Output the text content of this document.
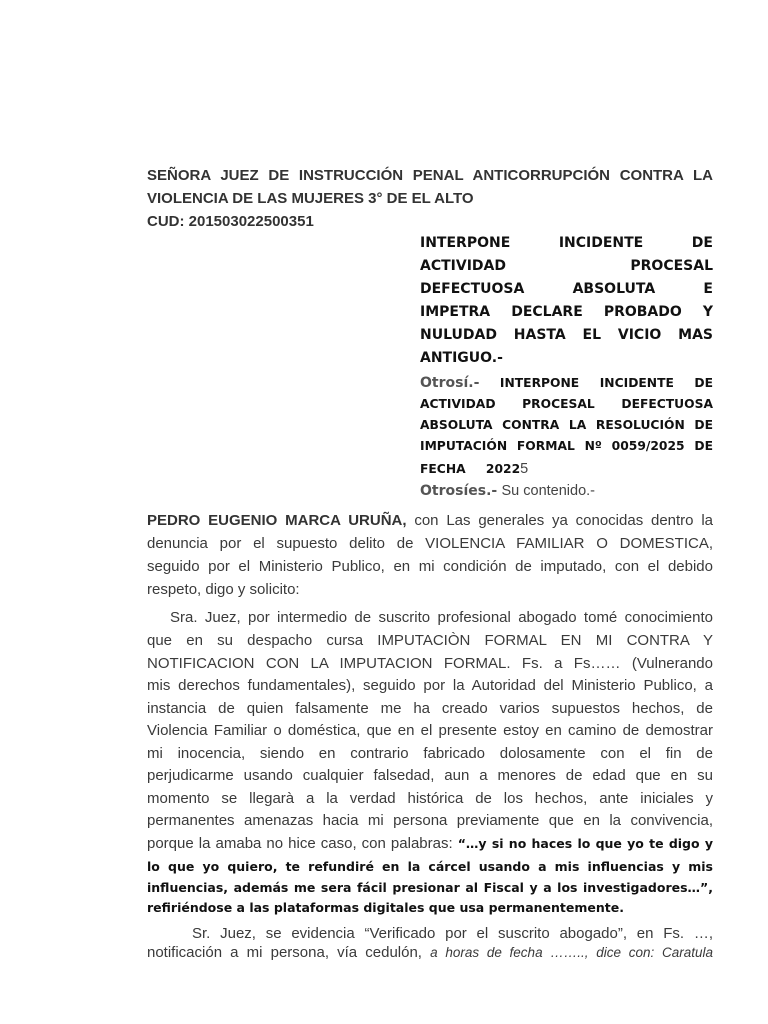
SEÑORA JUEZ DE INSTRUCCIÓN PENAL ANTICORRUPCIÓN CONTRA LA
VIOLENCIA DE LAS MUJERES 3° DE EL ALTO
CUD: 201503022500351
INTERPONE INCIDENTE DE
ACTIVIDAD PROCESAL
DEFECTUOSA ABSOLUTA E
IMPETRA DECLARE PROBADO Y
NULUDAD HASTA EL VICIO MAS
ANTIGUO.-
Otrosí.- INTERPONE INCIDENTE DE
ACTIVIDAD PROCESAL DEFECTUOSA
ABSOLUTA CONTRA LA RESOLUCIÓN DE
IMPUTACIÓN FORMAL Nº 0059/2025 DE
FECHA 20225
Otrosíes.- Su contenido.-
PEDRO EUGENIO MARCA URUÑA, con Las generales ya conocidas dentro la
denuncia por el supuesto delito de VIOLENCIA FAMILIAR O DOMESTICA,
seguido por el Ministerio Publico, en mi condición de imputado, con el debido
respeto, digo y solicito:
Sra. Juez, por intermedio de suscrito profesional abogado tomé conocimiento
que en su despacho cursa IMPUTACIÒN FORMAL EN MI CONTRA Y
NOTIFICACION CON LA IMPUTACION FORMAL. Fs. a Fs…… (Vulnerando
mis derechos fundamentales), seguido por la Autoridad del Ministerio Publico, a
instancia de quien falsamente me ha creado varios supuestos hechos, de
Violencia Familiar o doméstica, que en el presente estoy en camino de demostrar
mi inocencia, siendo en contrario fabricado dolosamente con el fin de
perjudicarme usando cualquier falsedad, aun a menores de edad que en su
momento se llegarà a la verdad histórica de los hechos, ante iniciales y
permanentes amenazas hacia mi persona previamente que en la convivencia,
porque la amaba no hice caso, con palabras: “…y si no haces lo que yo te digo y
lo que yo quiero, te refundiré en la cárcel usando a mis influencias y mis
influencias, además me sera fácil presionar al Fiscal y a los investigadores…”,
refiriéndose a las plataformas digitales que usa permanentemente.
Sr. Juez, se evidencia “Verificado por el suscrito abogado”, en Fs. …,
notificación a mi persona, vía cedulón, a horas de fecha …….., dice con: Caratula
